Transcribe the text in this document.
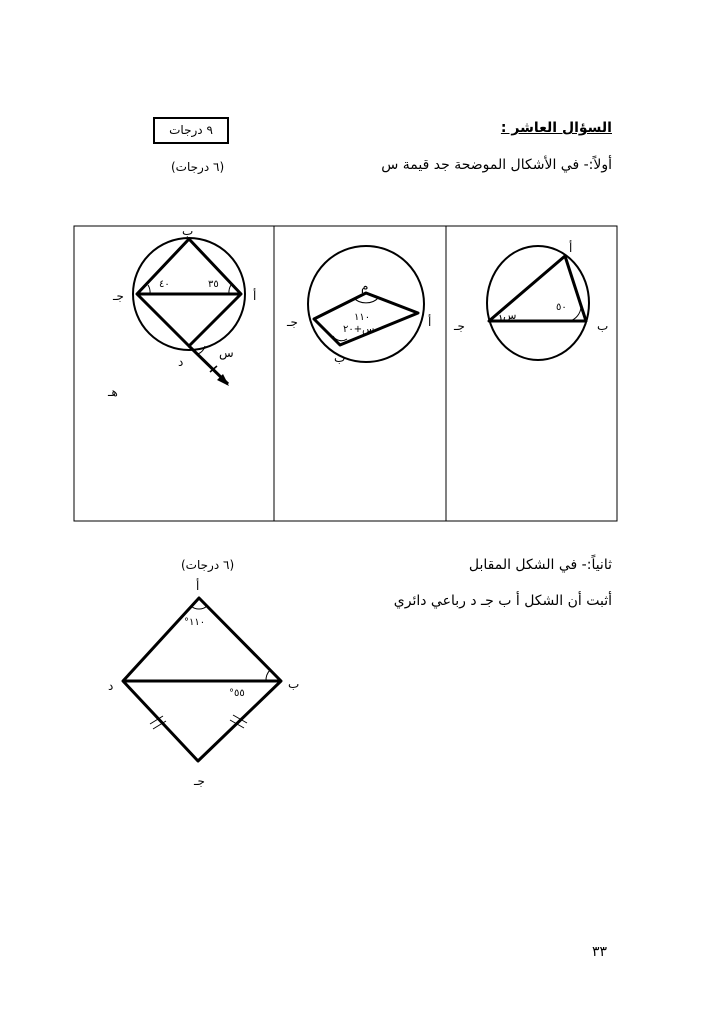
السؤال العاشر :
٩ درجات
أولاً:- في الأشكال الموضحة جد قيمة س
(٦ درجات)
أ
ب
جـ
٥٠
س
م
أ
جـ
ب
١١٠
س+٢٠
ب
أ
جـ
د
هـ
٤٠	٣٥
س
أ
ب
د
جـ
°١١٠
°٥٥
ثانياً:- في الشكل المقابل
أثبت أن الشكل أ ب جـ د رباعي دائري
(٦ درجات)
٣٣
